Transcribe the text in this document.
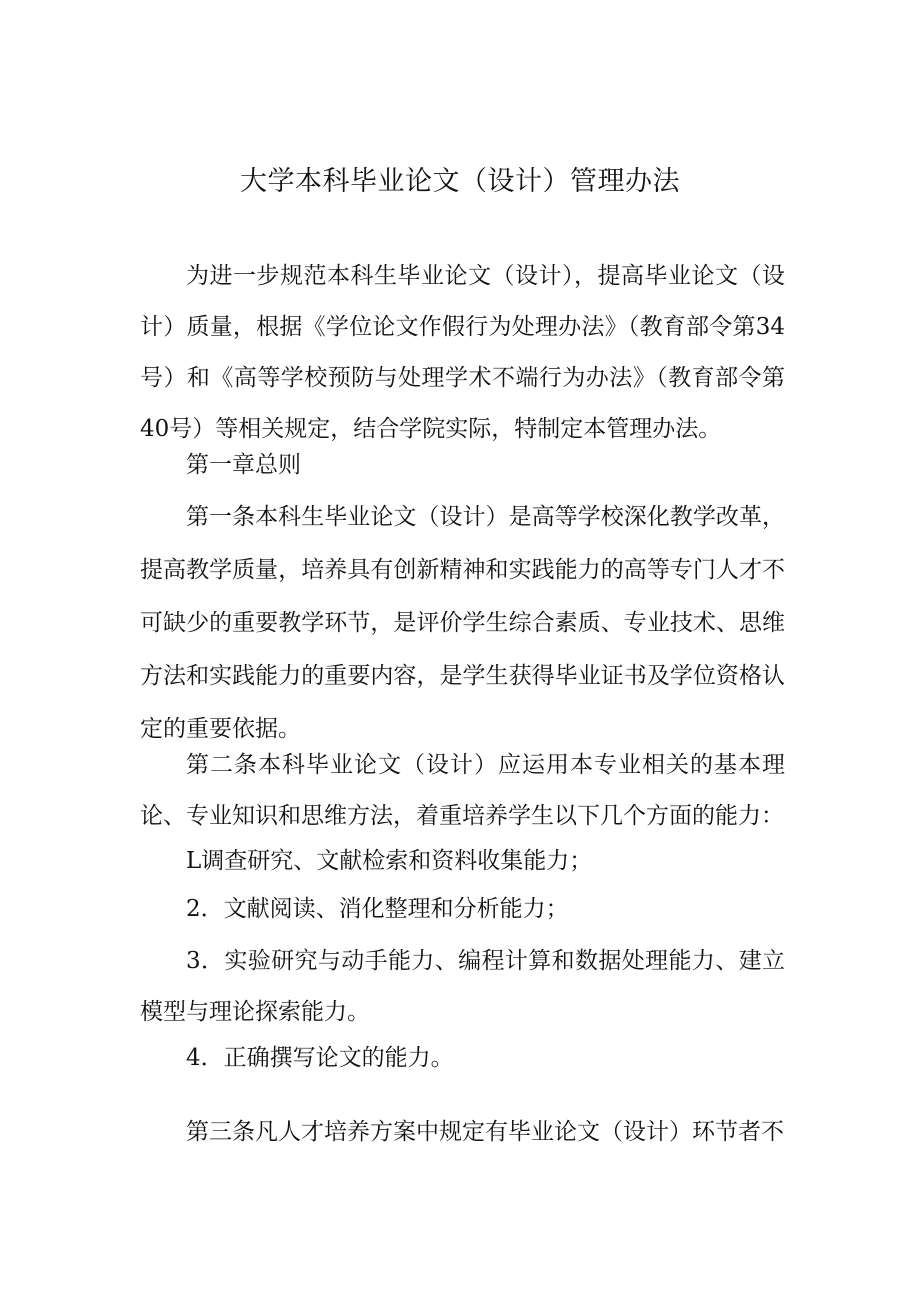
大学本科毕业论文（设计）管理办法

为进一步规范本科生毕业论文（设计），提高毕业论文（设计）质量，根据《学位论文作假行为处理办法》（教育部令第34号）和《高等学校预防与处理学术不端行为办法》（教育部令第40号）等相关规定，结合学院实际，特制定本管理办法。

第一章总则

第一条本科生毕业论文（设计）是高等学校深化教学改革，提高教学质量，培养具有创新精神和实践能力的高等专门人才不可缺少的重要教学环节，是评价学生综合素质、专业技术、思维方法和实践能力的重要内容，是学生获得毕业证书及学位资格认定的重要依据。

第二条本科毕业论文（设计）应运用本专业相关的基本理论、专业知识和思维方法，着重培养学生以下几个方面的能力：

L调查研究、文献检索和资料收集能力；

2．文献阅读、消化整理和分析能力；

3．实验研究与动手能力、编程计算和数据处理能力、建立模型与理论探索能力。

4．正确撰写论文的能力。

第三条凡人才培养方案中规定有毕业论文（设计）环节者不
